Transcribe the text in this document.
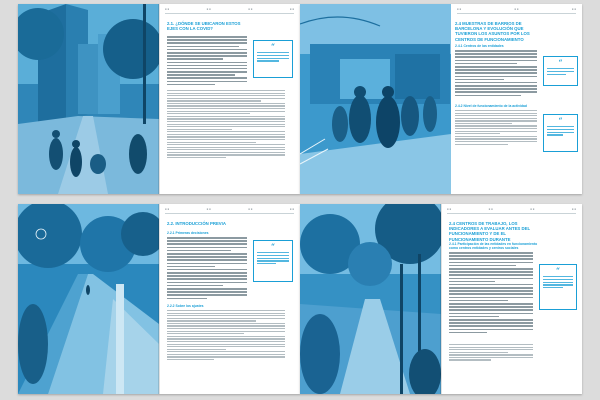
■ ■	■ ■	■ ■	■ ■
2.1. ¿DÓNDE SE UBICARON ESTOS EJES CON LA COVID?
“
■ ■	■ ■	■ ■
2.4 MUESTRAS DE BARRIOS DE BARCELONA Y EVOLUCIÓN QUE TUVIERON LOS ASUNTOS POR LOS CENTROS DE FUNCIONAMIENTO
2.4.1 Centros de las entidades
2.4.2 Nivel de funcionamiento de la actividad
“
“
■ ■	■ ■	■ ■	■ ■
2.2. INTRODUCCIÓN PREVIA
2.2.1 Primeras decisiones
2.2.2 Sobre los ajustes
“
■ ■	■ ■	■ ■	■ ■
2.4 CENTROS DE TRABAJO, LOS INDICADORES A EVALUAR ANTES DEL FUNCIONAMIENTO Y DE EL FUNCIONAMIENTO DURANTE
2.4.1 Participación de las entidades en funcionamiento como centros entidades y centros sociales
“
